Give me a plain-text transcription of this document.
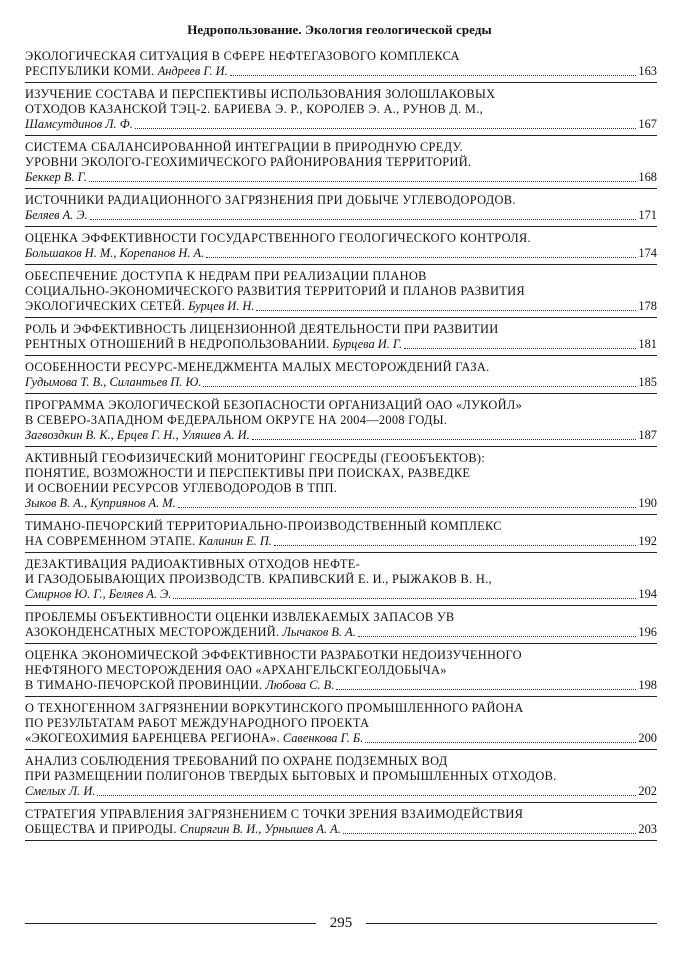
Недропользование. Экология геологической среды
ЭКОЛОГИЧЕСКАЯ СИТУАЦИЯ В СФЕРЕ НЕФТЕГАЗОВОГО КОМПЛЕКСА
РЕСПУБЛИКИ КОМИ. Андреев Г. И.	163
ИЗУЧЕНИЕ СОСТАВА И ПЕРСПЕКТИВЫ ИСПОЛЬЗОВАНИЯ ЗОЛОШЛАКОВЫХ
ОТХОДОВ КАЗАНСКОЙ ТЭЦ-2. БАРИЕВА Э. Р., КОРОЛЕВ Э. А., РУНОВ Д. М.,
Шамсутдинов Л. Ф.	167
СИСТЕМА СБАЛАНСИРОВАННОЙ ИНТЕГРАЦИИ В ПРИРОДНУЮ СРЕДУ.
УРОВНИ ЭКОЛОГО-ГЕОХИМИЧЕСКОГО РАЙОНИРОВАНИЯ ТЕРРИТОРИЙ.
Беккер В. Г.	168
ИСТОЧНИКИ РАДИАЦИОННОГО ЗАГРЯЗНЕНИЯ ПРИ ДОБЫЧЕ УГЛЕВОДОРОДОВ.
Беляев А. Э.	171
ОЦЕНКА ЭФФЕКТИВНОСТИ ГОСУДАРСТВЕННОГО ГЕОЛОГИЧЕСКОГО КОНТРОЛЯ.
Большаков Н. М., Корепанов Н. А.	174
ОБЕСПЕЧЕНИЕ ДОСТУПА К НЕДРАМ ПРИ РЕАЛИЗАЦИИ ПЛАНОВ
СОЦИАЛЬНО-ЭКОНОМИЧЕСКОГО РАЗВИТИЯ ТЕРРИТОРИЙ И ПЛАНОВ РАЗВИТИЯ
ЭКОЛОГИЧЕСКИХ СЕТЕЙ. Бурцев И. Н.	178
РОЛЬ И ЭФФЕКТИВНОСТЬ ЛИЦЕНЗИОННОЙ ДЕЯТЕЛЬНОСТИ ПРИ РАЗВИТИИ
РЕНТНЫХ ОТНОШЕНИЙ В НЕДРОПОЛЬЗОВАНИИ. Бурцева И. Г.	181
ОСОБЕННОСТИ РЕСУРС-МЕНЕДЖМЕНТА МАЛЫХ МЕСТОРОЖДЕНИЙ ГАЗА.
Гудымова Т. В., Силантьев П. Ю.	185
ПРОГРАММА ЭКОЛОГИЧЕСКОЙ БЕЗОПАСНОСТИ ОРГАНИЗАЦИЙ ОАО «ЛУКОЙЛ»
В СЕВЕРО-ЗАПАДНОМ ФЕДЕРАЛЬНОМ ОКРУГЕ НА 2004—2008 ГОДЫ.
Загвоздкин В. К., Ерцев Г. Н., Уляшев А. И.	187
АКТИВНЫЙ ГЕОФИЗИЧЕСКИЙ МОНИТОРИНГ ГЕОСРЕДЫ (ГЕООБЪЕКТОВ):
ПОНЯТИЕ, ВОЗМОЖНОСТИ И ПЕРСПЕКТИВЫ ПРИ ПОИСКАХ, РАЗВЕДКЕ
И ОСВОЕНИИ РЕСУРСОВ УГЛЕВОДОРОДОВ В ТПП.
Зыков В. А., Куприянов А. М.	190
ТИМАНО-ПЕЧОРСКИЙ ТЕРРИТОРИАЛЬНО-ПРОИЗВОДСТВЕННЫЙ КОМПЛЕКС
НА СОВРЕМЕННОМ ЭТАПЕ. Калинин Е. П.	192
ДЕЗАКТИВАЦИЯ РАДИОАКТИВНЫХ ОТХОДОВ НЕФТЕ-
И ГАЗОДОБЫВАЮЩИХ ПРОИЗВОДСТВ. КРАПИВСКИЙ Е. И., РЫЖАКОВ В. Н.,
Смирнов Ю. Г., Беляев А. Э.	194
ПРОБЛЕМЫ ОБЪЕКТИВНОСТИ ОЦЕНКИ ИЗВЛЕКАЕМЫХ ЗАПАСОВ УВ
АЗОКОНДЕНСАТНЫХ МЕСТОРОЖДЕНИЙ. Лычаков В. А.	196
ОЦЕНКА ЭКОНОМИЧЕСКОЙ ЭФФЕКТИВНОСТИ РАЗРАБОТКИ НЕДОИЗУЧЕННОГО
НЕФТЯНОГО МЕСТОРОЖДЕНИЯ ОАО «АРХАНГЕЛЬСКГЕОЛДОБЫЧА»
В ТИМАНО-ПЕЧОРСКОЙ ПРОВИНЦИИ. Любова С. В.	198
О ТЕХНОГЕННОМ ЗАГРЯЗНЕНИИ ВОРКУТИНСКОГО ПРОМЫШЛЕННОГО РАЙОНА
ПО РЕЗУЛЬТАТАМ РАБОТ МЕЖДУНАРОДНОГО ПРОЕКТА
«ЭКОГЕОХИМИЯ БАРЕНЦЕВА РЕГИОНА». Савенкова Г. Б.	200
АНАЛИЗ СОБЛЮДЕНИЯ ТРЕБОВАНИЙ ПО ОХРАНЕ ПОДЗЕМНЫХ ВОД
ПРИ РАЗМЕЩЕНИИ ПОЛИГОНОВ ТВЕРДЫХ БЫТОВЫХ И ПРОМЫШЛЕННЫХ ОТХОДОВ.
Смелых Л. И.	202
СТРАТЕГИЯ УПРАВЛЕНИЯ ЗАГРЯЗНЕНИЕМ С ТОЧКИ ЗРЕНИЯ ВЗАИМОДЕЙСТВИЯ
ОБЩЕСТВА И ПРИРОДЫ. Спирягин В. И., Урнышев А. А.	203
295
